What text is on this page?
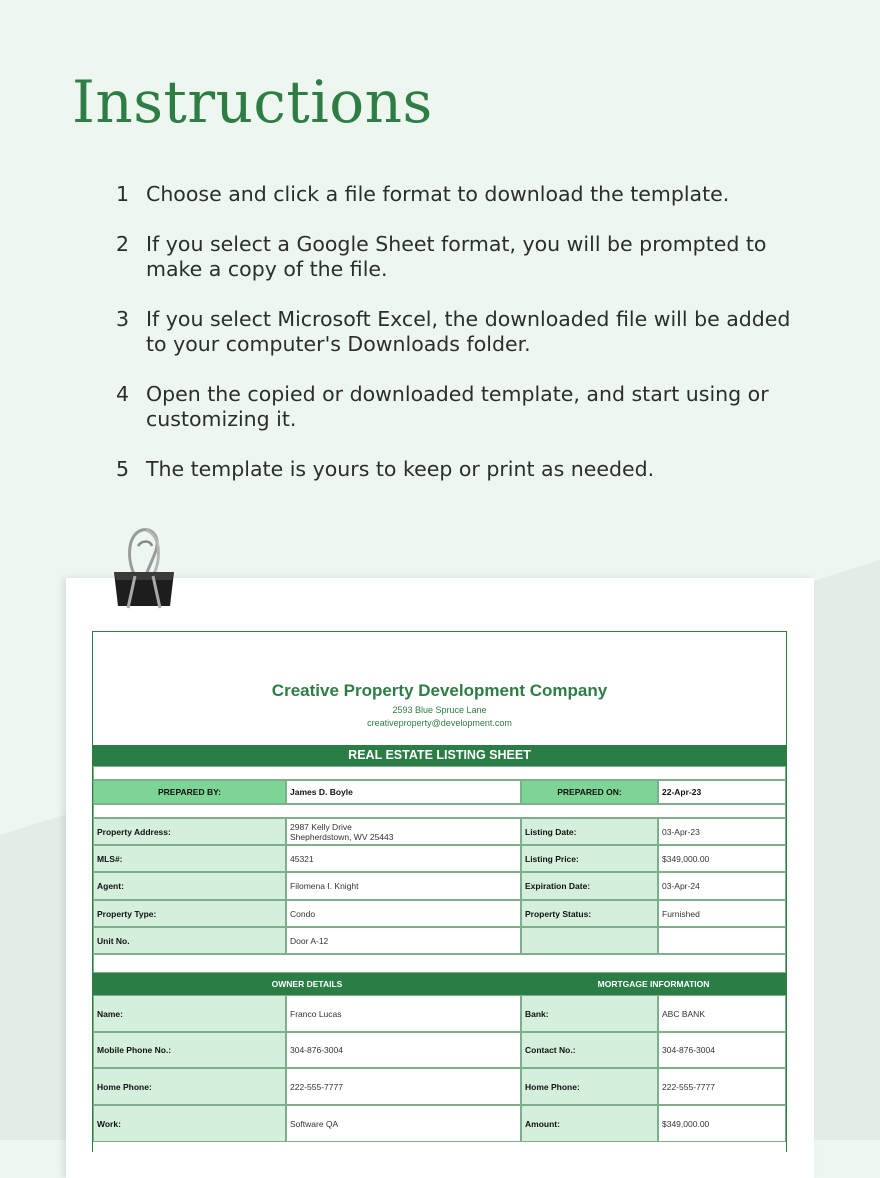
Instructions
1 Choose and click a file format to download the template.
2 If you select a Google Sheet format, you will be prompted to make a copy of the file.
3 If you select Microsoft Excel, the downloaded file will be added to your computer's Downloads folder.
4 Open the copied or downloaded template, and start using or customizing it.
5 The template is yours to keep or print as needed.
Creative Property Development Company
2593 Blue Spruce Lane
creativeproperty@development.com
REAL ESTATE LISTING SHEET
PREPARED BY:	James D. Boyle	PREPARED ON:	22-Apr-23
Property Address:	2987 Kelly Drive
Shepherdstown, WV 25443	Listing Date:	03-Apr-23
MLS#:	45321	Listing Price:	$349,000.00
Agent:	Filomena I. Knight	Expiration Date:	03-Apr-24
Property Type:	Condo	Property Status:	Furnished
Unit No.	Door A-12
OWNER DETAILS	MORTGAGE INFORMATION
Name:	Franco Lucas	Bank:	ABC BANK
Mobile Phone No.:	304-876-3004	Contact No.:	304-876-3004
Home Phone:	222-555-7777	Home Phone:	222-555-7777
Work:	Software QA	Amount:	$349,000.00
